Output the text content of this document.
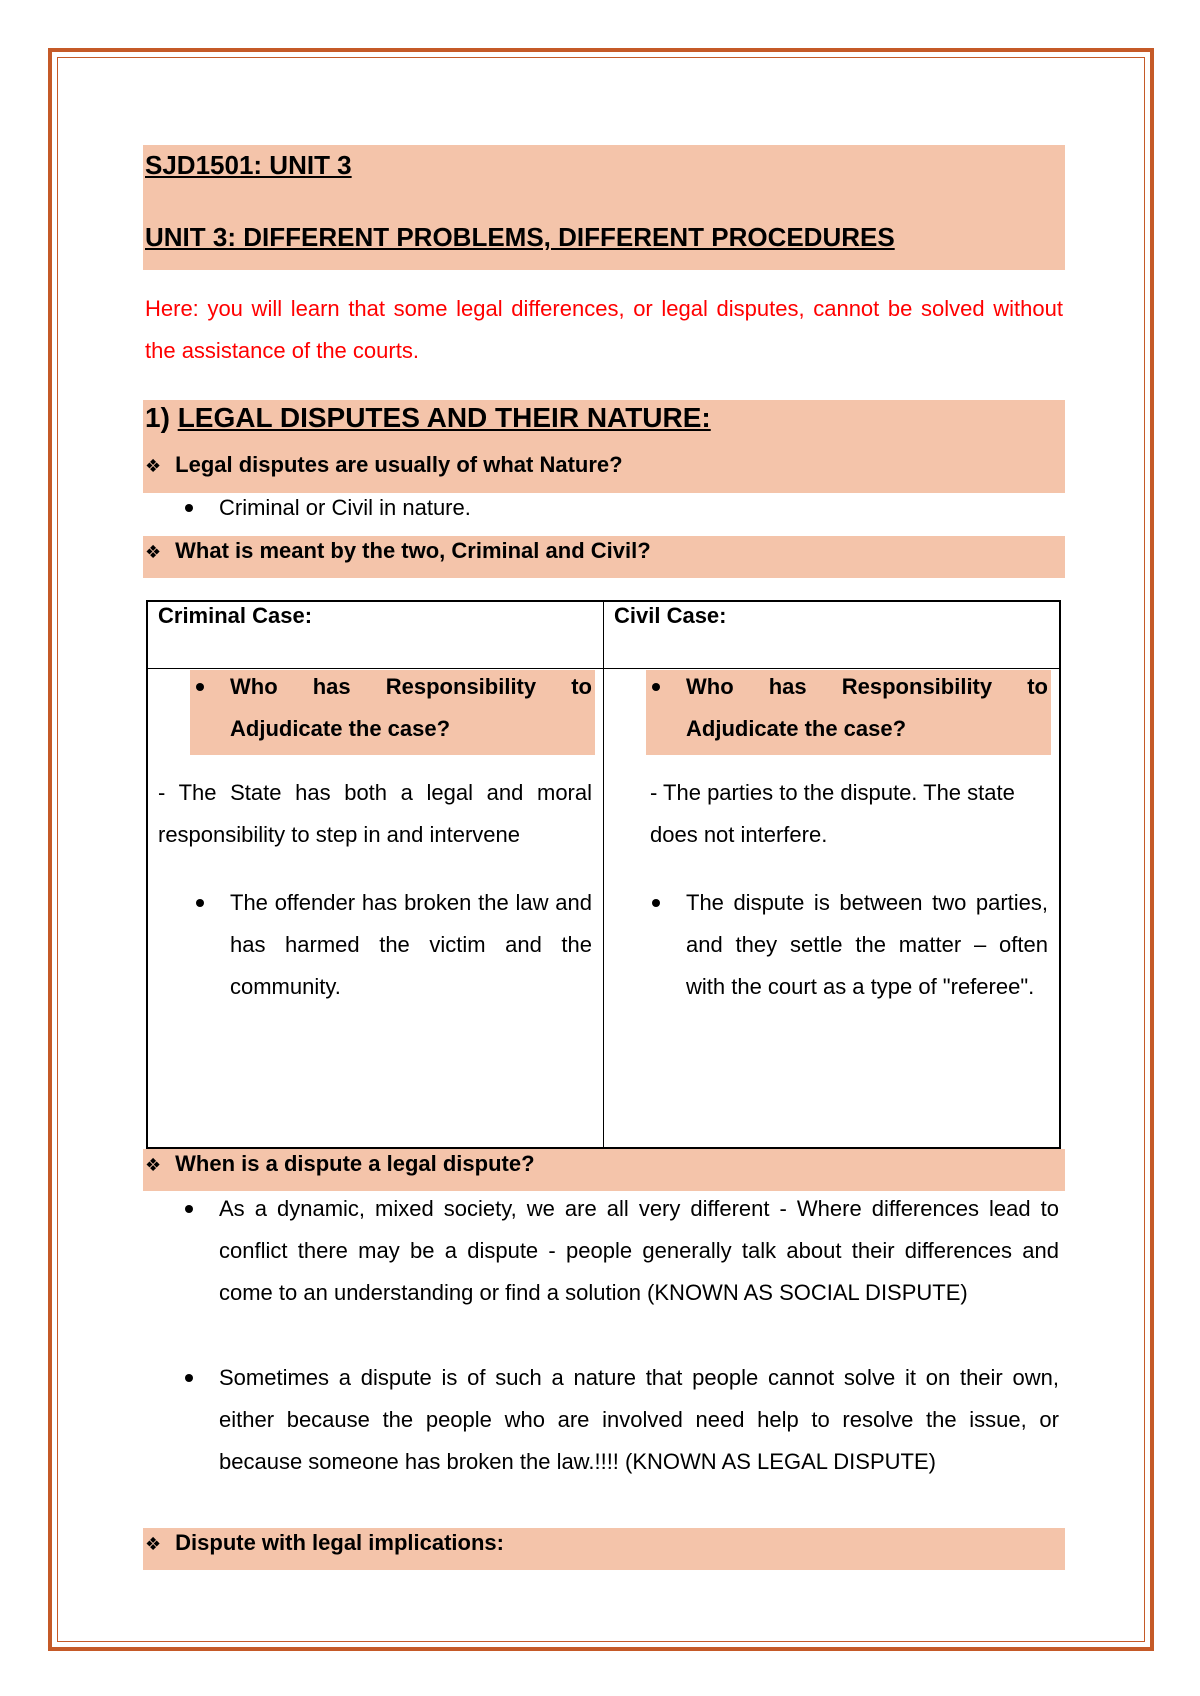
SJD1501: UNIT 3
UNIT 3: DIFFERENT PROBLEMS, DIFFERENT PROCEDURES
Here: you will learn that some legal differences, or legal disputes, cannot be solved without the assistance of the courts.
1) LEGAL DISPUTES AND THEIR NATURE:
❖ Legal disputes are usually of what Nature?
Criminal or Civil in nature.
❖ What is meant by the two, Criminal and Civil?
Criminal Case:
Who has Responsibility to Adjudicate the case?
- The State has both a legal and moral responsibility to step in and intervene
The offender has broken the law and has harmed the victim and the community.
Civil Case:
Who has Responsibility to Adjudicate the case?
- The parties to the dispute. The state does not interfere.
The dispute is between two parties, and they settle the matter – often with the court as a type of "referee".
❖ When is a dispute a legal dispute?
As a dynamic, mixed society, we are all very different - Where differences lead to conflict there may be a dispute - people generally talk about their differences and come to an understanding or find a solution (KNOWN AS SOCIAL DISPUTE)
Sometimes a dispute is of such a nature that people cannot solve it on their own, either because the people who are involved need help to resolve the issue, or because someone has broken the law.!!!! (KNOWN AS LEGAL DISPUTE)
❖ Dispute with legal implications:
